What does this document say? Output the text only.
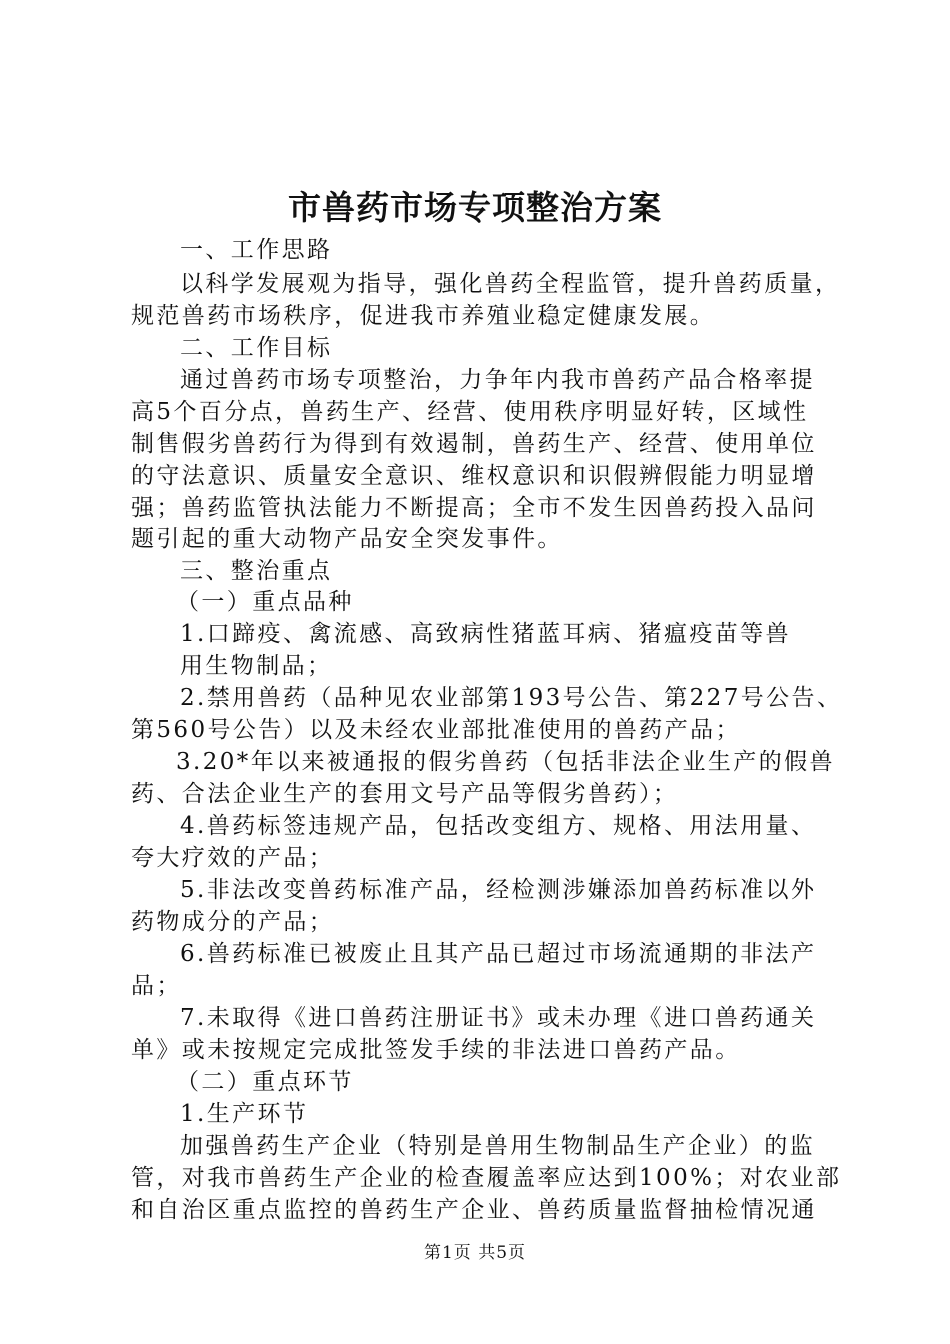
市兽药市场专项整治方案
一、工作思路
以科学发展观为指导，强化兽药全程监管，提升兽药质量，
规范兽药市场秩序，促进我市养殖业稳定健康发展。
二、工作目标
通过兽药市场专项整治，力争年内我市兽药产品合格率提
高5个百分点，兽药生产、经营、使用秩序明显好转，区域性
制售假劣兽药行为得到有效遏制，兽药生产、经营、使用单位
的守法意识、质量安全意识、维权意识和识假辨假能力明显增
强；兽药监管执法能力不断提高；全市不发生因兽药投入品问
题引起的重大动物产品安全突发事件。
三、整治重点
（一）重点品种
1.口蹄疫、禽流感、高致病性猪蓝耳病、猪瘟疫苗等兽
用生物制品；
2.禁用兽药（品种见农业部第193号公告、第227号公告、
第560号公告）以及未经农业部批准使用的兽药产品；
3.20*年以来被通报的假劣兽药（包括非法企业生产的假兽
药、合法企业生产的套用文号产品等假劣兽药）；
4.兽药标签违规产品，包括改变组方、规格、用法用量、
夸大疗效的产品；
5.非法改变兽药标准产品，经检测涉嫌添加兽药标准以外
药物成分的产品；
6.兽药标准已被废止且其产品已超过市场流通期的非法产
品；
7.未取得《进口兽药注册证书》或未办理《进口兽药通关
单》或未按规定完成批签发手续的非法进口兽药产品。
（二）重点环节
1.生产环节
加强兽药生产企业（特别是兽用生物制品生产企业）的监
管，对我市兽药生产企业的检查履盖率应达到100%；对农业部
和自治区重点监控的兽药生产企业、兽药质量监督抽检情况通
第1页 共5页
